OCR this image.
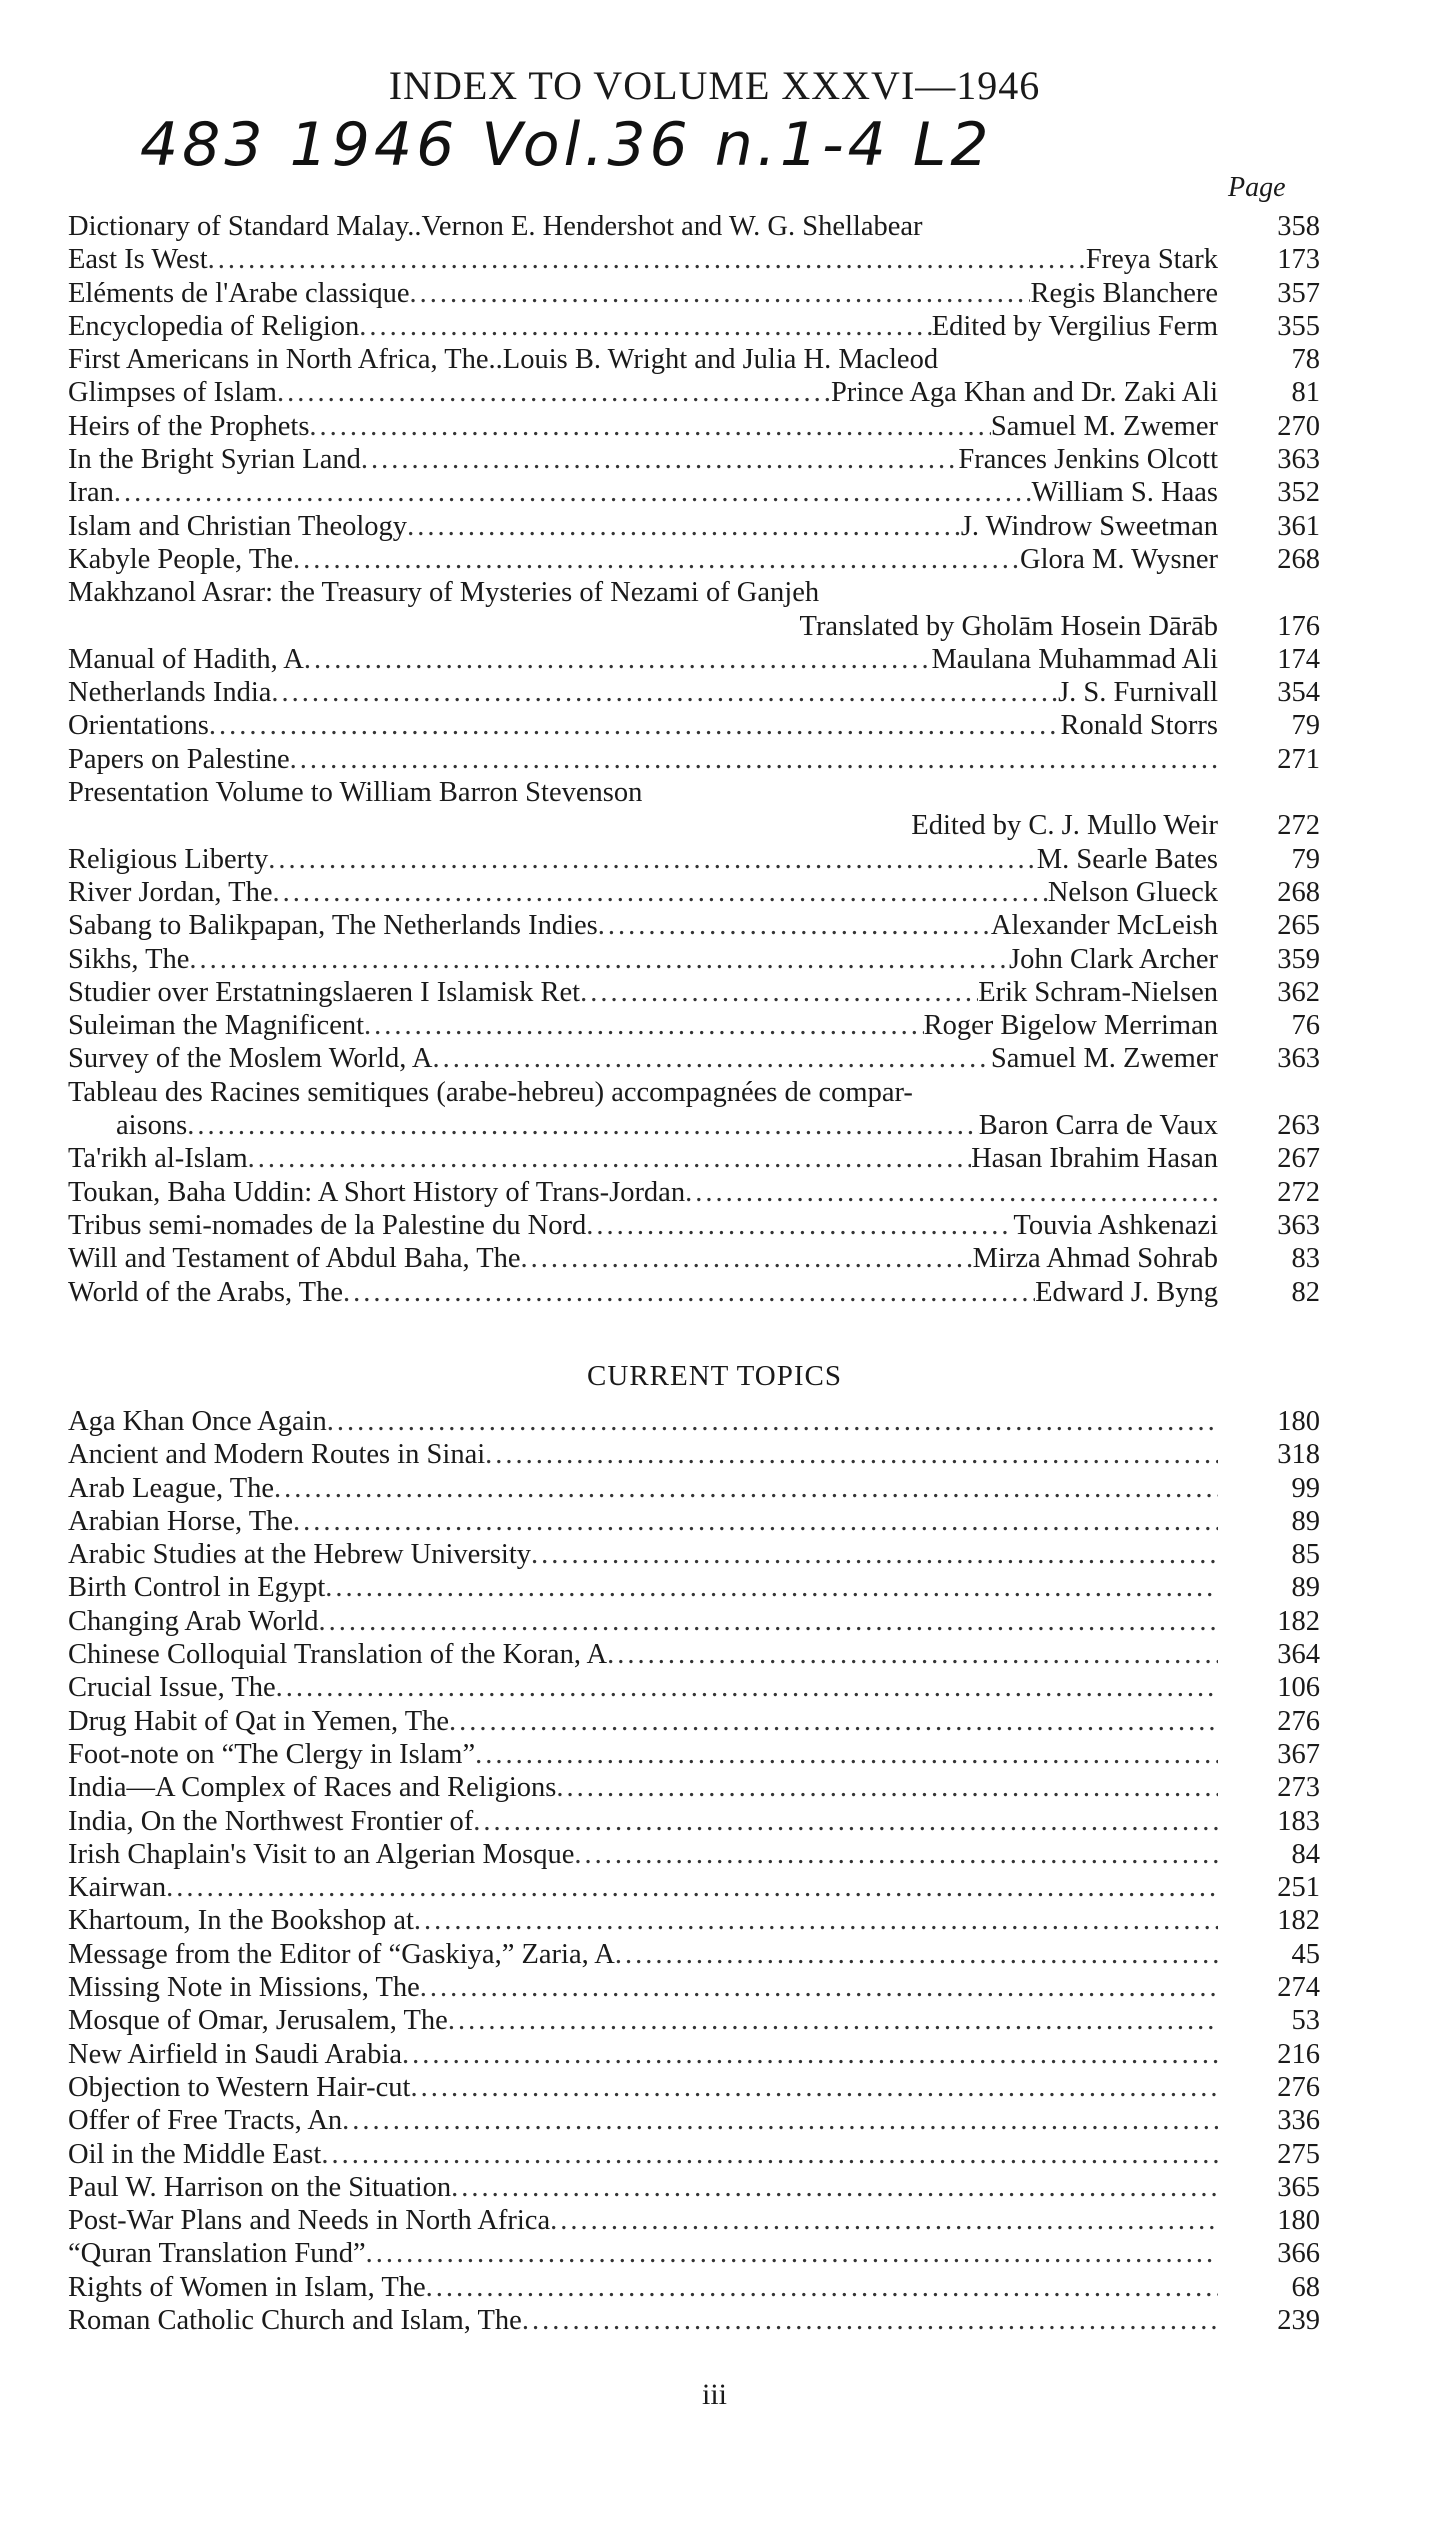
INDEX TO VOLUME XXXVI—1946
483 1946 Vol.36 n.1-4 L2
Page
Dictionary of Standard Malay..Vernon E. Hendershot and W. G. Shellabear	358
East Is West .....	Freya Stark	173
Eléments de l'Arabe classique .....	Regis Blanchere	357
Encyclopedia of Religion .....	Edited by Vergilius Ferm	355
First Americans in North Africa, The..Louis B. Wright and Julia H. Macleod	78
Glimpses of Islam .....	Prince Aga Khan and Dr. Zaki Ali	81
Heirs of the Prophets .....	Samuel M. Zwemer	270
In the Bright Syrian Land .....	Frances Jenkins Olcott	363
Iran .....	William S. Haas	352
Islam and Christian Theology .....	J. Windrow Sweetman	361
Kabyle People, The .....	Glora M. Wysner	268
Makhzanol Asrar: the Treasury of Mysteries of Nezami of Ganjeh
Translated by Gholām Hosein Dārāb	176
Manual of Hadith, A .....	Maulana Muhammad Ali	174
Netherlands India .....	J. S. Furnivall	354
Orientations .....	Ronald Storrs	79
Papers on Palestine .....	271
Presentation Volume to William Barron Stevenson
Edited by C. J. Mullo Weir	272
Religious Liberty .....	M. Searle Bates	79
River Jordan, The .....	Nelson Glueck	268
Sabang to Balikpapan, The Netherlands Indies .....	Alexander McLeish	265
Sikhs, The .....	John Clark Archer	359
Studier over Erstatningslaeren I Islamisk Ret .....	Erik Schram-Nielsen	362
Suleiman the Magnificent .....	Roger Bigelow Merriman	76
Survey of the Moslem World, A .....	Samuel M. Zwemer	363
Tableau des Racines semitiques (arabe-hebreu) accompagnées de compar-
aisons .....	Baron Carra de Vaux	263
Ta'rikh al-Islam .....	Hasan Ibrahim Hasan	267
Toukan, Baha Uddin: A Short History of Trans-Jordan .....	272
Tribus semi-nomades de la Palestine du Nord .....	Touvia Ashkenazi	363
Will and Testament of Abdul Baha, The .....	Mirza Ahmad Sohrab	83
World of the Arabs, The .....	Edward J. Byng	82
CURRENT TOPICS
Aga Khan Once Again .....	180
Ancient and Modern Routes in Sinai .....	318
Arab League, The .....	99
Arabian Horse, The .....	89
Arabic Studies at the Hebrew University .....	85
Birth Control in Egypt .....	89
Changing Arab World .....	182
Chinese Colloquial Translation of the Koran, A .....	364
Crucial Issue, The .....	106
Drug Habit of Qat in Yemen, The .....	276
Foot-note on “The Clergy in Islam” .....	367
India—A Complex of Races and Religions .....	273
India, On the Northwest Frontier of .....	183
Irish Chaplain's Visit to an Algerian Mosque .....	84
Kairwan .....	251
Khartoum, In the Bookshop at .....	182
Message from the Editor of “Gaskiya,” Zaria, A .....	45
Missing Note in Missions, The .....	274
Mosque of Omar, Jerusalem, The .....	53
New Airfield in Saudi Arabia .....	216
Objection to Western Hair-cut .....	276
Offer of Free Tracts, An .....	336
Oil in the Middle East .....	275
Paul W. Harrison on the Situation .....	365
Post-War Plans and Needs in North Africa .....	180
“Quran Translation Fund” .....	366
Rights of Women in Islam, The .....	68
Roman Catholic Church and Islam, The .....	239
iii
